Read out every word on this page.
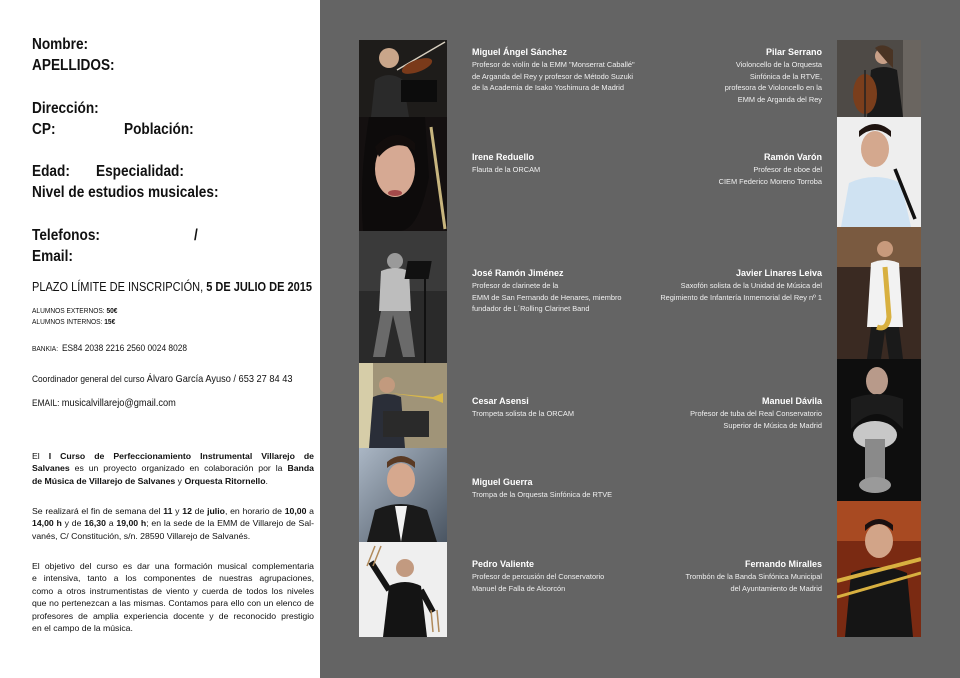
Nombre:
APELLIDOS:
Dirección:
CP:	Población:
Edad: Especialidad:
Nivel de estudios musicales:
Telefonos:	/
Email:
PLAZO LÍMITE DE INSCRIPCIÓN, 5 DE JULIO DE 2015
ALUMNOS EXTERNOS: 50€
ALUMNOS INTERNOS: 15€
BANKIA: ES84 2038 2216 2560 0024 8028
Coordinador general del curso Álvaro García Ayuso / 653 27 84 43
EMAIL: musicalvillarejo@gmail.com
El I Curso de Perfeccionamiento Instrumental Villarejo de
Salvanes es un proyecto organizado en colaboración por la Banda
de Música de Villarejo de Salvanes y Orquesta Ritornello.
Se realizará el fin de semana del 11 y 12 de julio, en horario de 10,00 a
14,00 h y de 16,30 a 19,00 h; en la sede de la EMM de Villarejo de Sal-
vanés, C/ Constitución, s/n. 28590 Villarejo de Salvanés.
El objetivo del curso es dar una formación musical complementaria
e intensiva, tanto a los componentes de nuestras agrupaciones,
como a otros instrumentistas de viento y cuerda de todos los niveles
que no pertenezcan a las mismas. Contamos para ello con un elenco de
profesores de amplia experiencia docente y de reconocido prestigio
en el campo de la música.
Miguel Ángel Sánchez
Profesor de violín de la EMM "Monserrat Caballé"
de Arganda del Rey y profesor de Método Suzuki
de la Academia de Isako Yoshimura de Madrid
Irene Reduello
Flauta de la ORCAM
José Ramón Jiménez
Profesor de clarinete de la
EMM de San Fernando de Henares, miembro
fundador de L´Rolling Clarinet Band
Cesar Asensi
Trompeta solista de la ORCAM
Miguel Guerra
Trompa de la Orquesta Sinfónica de RTVE
Pedro Valiente
Profesor de percusión del Conservatorio
Manuel de Falla de Alcorcón
Pilar Serrano
Violoncello de la Orquesta
Sinfónica de la RTVE,
profesora de Violoncello en la
EMM de Arganda del Rey
Ramón Varón
Profesor de oboe del
CIEM Federico Moreno Torroba
Javier Linares Leiva
Saxofón solista de la Unidad de Música del
Regimiento de Infantería Inmemorial del Rey nº 1
Manuel Dávila
Profesor de tuba del Real Conservatorio
Superior de Música de Madrid
Fernando Miralles
Trombón de la Banda Sinfónica Municipal
del Ayuntamiento de Madrid
